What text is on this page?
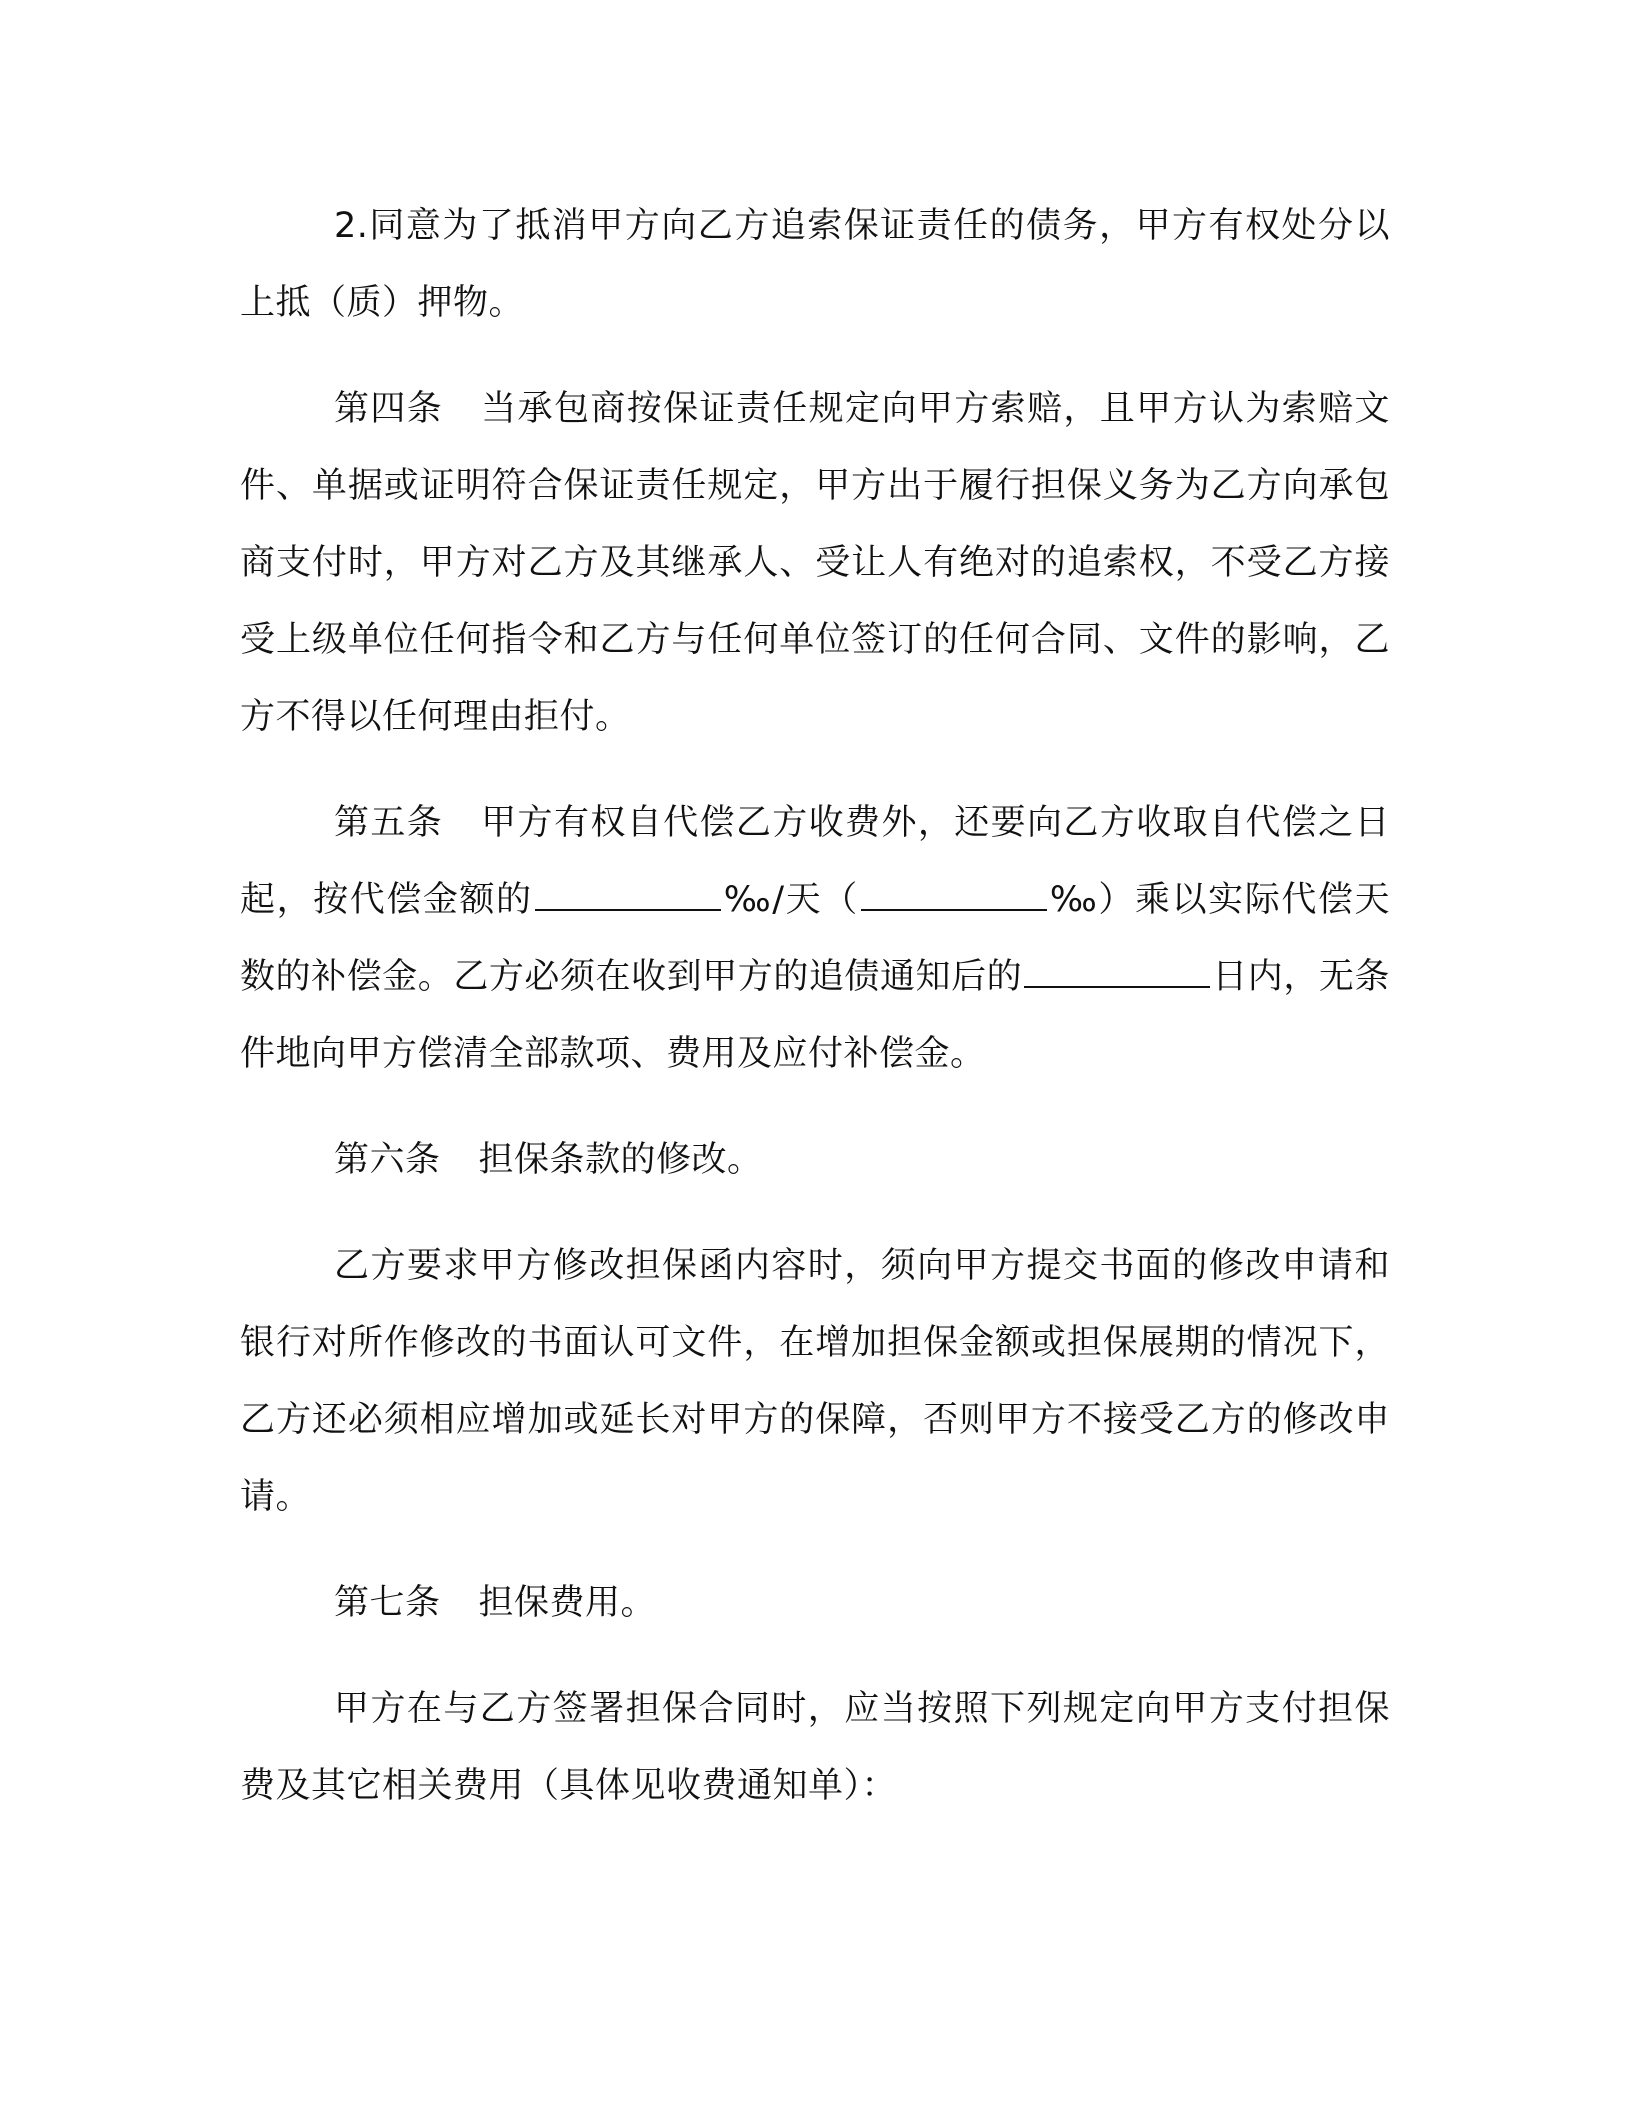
2.同意为了抵消甲方向乙方追索保证责任的债务，甲方有权处分以上抵（质）押物。

第四条 当承包商按保证责任规定向甲方索赔，且甲方认为索赔文件、单据或证明符合保证责任规定，甲方出于履行担保义务为乙方向承包商支付时，甲方对乙方及其继承人、受让人有绝对的追索权，不受乙方接受上级单位任何指令和乙方与任何单位签订的任何合同、文件的影响，乙方不得以任何理由拒付。

第五条 甲方有权自代偿乙方收费外，还要向乙方收取自代偿之日起，按代偿金额的	‰/天（	‰）乘以实际代偿天数的补偿金。乙方必须在收到甲方的追债通知后的	日内，无条件地向甲方偿清全部款项、费用及应付补偿金。

第六条 担保条款的修改。

乙方要求甲方修改担保函内容时，须向甲方提交书面的修改申请和银行对所作修改的书面认可文件，在增加担保金额或担保展期的情况下，乙方还必须相应增加或延长对甲方的保障，否则甲方不接受乙方的修改申请。

第七条 担保费用。

甲方在与乙方签署担保合同时，应当按照下列规定向甲方支付担保费及其它相关费用（具体见收费通知单）：
